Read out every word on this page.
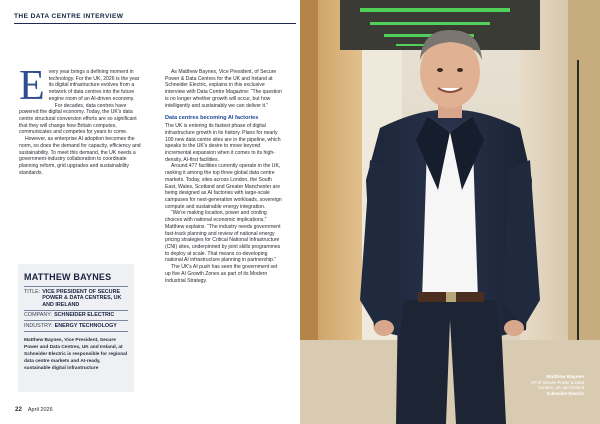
THE DATA CENTRE INTERVIEW
E very year brings a defining moment in technology. For the UK, 2026 is the year its digital infrastructure evolves from a network of data centres into the future engine room of an AI-driven economy.

For decades, data centres have powered the digital economy. Today, the UK's data centre structural conversion efforts are so significant that they will change how Britain computes, communicates and competes for years to come.

However, as enterprise AI adoption becomes the norm, so does the demand for capacity, efficiency and sustainability. To meet this demand, the UK needs a government-industry collaboration to coordinate planning reform, grid upgrades and sustainability standards.

As Matthew Baynes, Vice President, of Secure Power & Data Centres for the UK and Ireland at Schneider Electric, explains in this exclusive interview with Data Centre Magazine: “The question is no longer whether growth will occur, but how intelligently and sustainably we can deliver it.”

Data centres becoming AI factories

The UK is entering its fastest phase of digital infrastructure growth in its history. Plans for nearly 100 new data centre sites are in the pipeline, which speaks to the UK's desire to move beyond incremental expansion when it comes to its high-density, AI-first facilities.

Around 477 facilities currently operate in the UK, ranking it among the top three global data centre markets. Today, sites across London, the South East, Wales, Scotland and Greater Manchester are being designed as AI factories with large-scale campuses for next-generation workloads, sovereign compute and sustainable energy integration.

“We're making location, power and cooling choices with national economic implications,” Matthew explains. “The industry needs government fast-track planning and review of national energy pricing strategies for Critical National Infrastructure (CNI) sites, underpinned by joint skills programmes to deploy at scale. That means co-developing national AI infrastructure planning in partnership.”

The UK's AI push has seen the government set up five AI Growth Zones as part of its Modern Industrial Strategy.

MATTHEW BAYNES
TITLE: VICE PRESIDENT OF SECURE POWER & DATA CENTRES, UK AND IRELAND
COMPANY: SCHNEIDER ELECTRIC
INDUSTRY: ENERGY TECHNOLOGY
Matthew Baynes, Vice President, Secure Power and Data Centres, UK and Ireland, at Schneider Electric is responsible for regional data centre markets and AI-ready, sustainable digital infrastructure
22 April 2026
Matthew Baynes
VP of Secure Power & Data Centres, UK and Ireland
Schneider Electric
